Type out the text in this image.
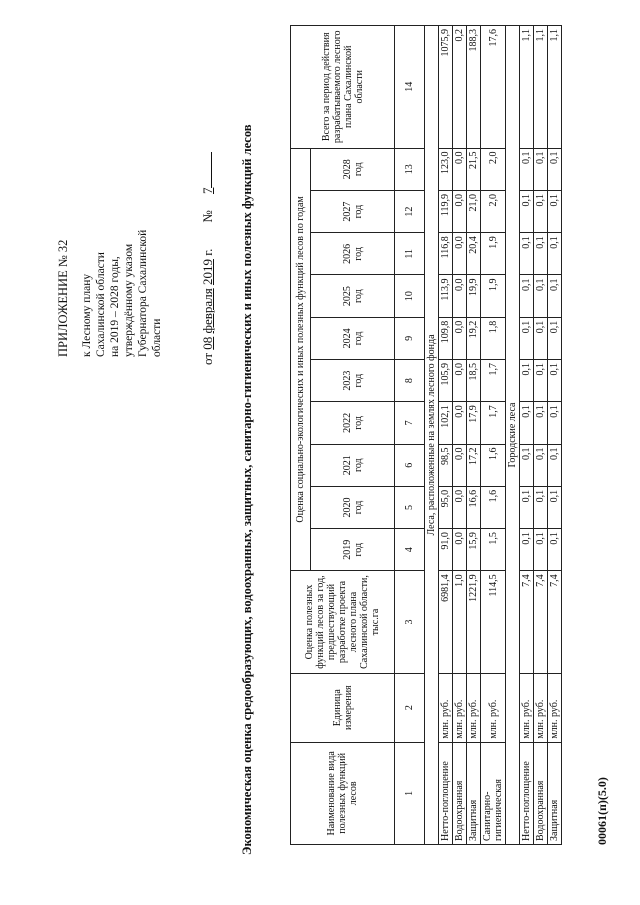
ПРИЛОЖЕНИЕ № 32 к Лесному плану Сахалинской области на 2019 – 2028 годы, утверждённому указом Губернатора Сахалинской области
от 08 февраля 2019 г.        №     7 Экономическая оценка средообразующих, водоохранных, защитных, санитарно-гигиенических и иных полезных функций лесов	Наименование вида полезных функций лесов	Единица измерения	Оценка полезных функций лесов за год, предшествующий разработке проекта лесного плана Сахалинской области, тыс.га	Оценка социально-экологических и иных полезных функций лесов по годам										Всего за период действия разрабатываемого лесного плана Сахалинской области
			2019 год	2020 год	2021 год	2022 год	2023 год	2024 год	2025 год	2026 год	2027 год	2028 год	
1	2	3	4	5	6	7	8	9	10	11	12	13	14
Леса, расположенные на землях лесного фонда													
Нетто-поглощение	млн. руб.	6981,4	91,0	95,0	98,5	102,1	105,9	109,8	113,9	116,8	119,9	123,0	1075,9
Водоохранная	млн. руб.	1,0	0,0	0,0	0,0	0,0	0,0	0,0	0,0	0,0	0,0	0,0	0,2
Защитная	млн. руб.	1221,9	15,9	16,6	17,2	17,9	18,5	19,2	19,9	20,4	21,0	21,5	188,3
Санитарно-гигиеническая	млн. руб.	114,5	1,5	1,6	1,6	1,7	1,7	1,8	1,9	1,9	2,0	2,0	17,6
Городские леса													
Нетто-поглощение	млн. руб.	7,4	0,1	0,1	0,1	0,1	0,1	0,1	0,1	0,1	0,1	0,1	1,1
Водоохранная	млн. руб.	7,4	0,1	0,1	0,1	0,1	0,1	0,1	0,1	0,1	0,1	0,1	1,1
Защитная	млн. руб.	7,4	0,1	0,1	0,1	0,1	0,1	0,1	0,1	0,1	0,1	0,1	1,1
00061(п)(5.0)
